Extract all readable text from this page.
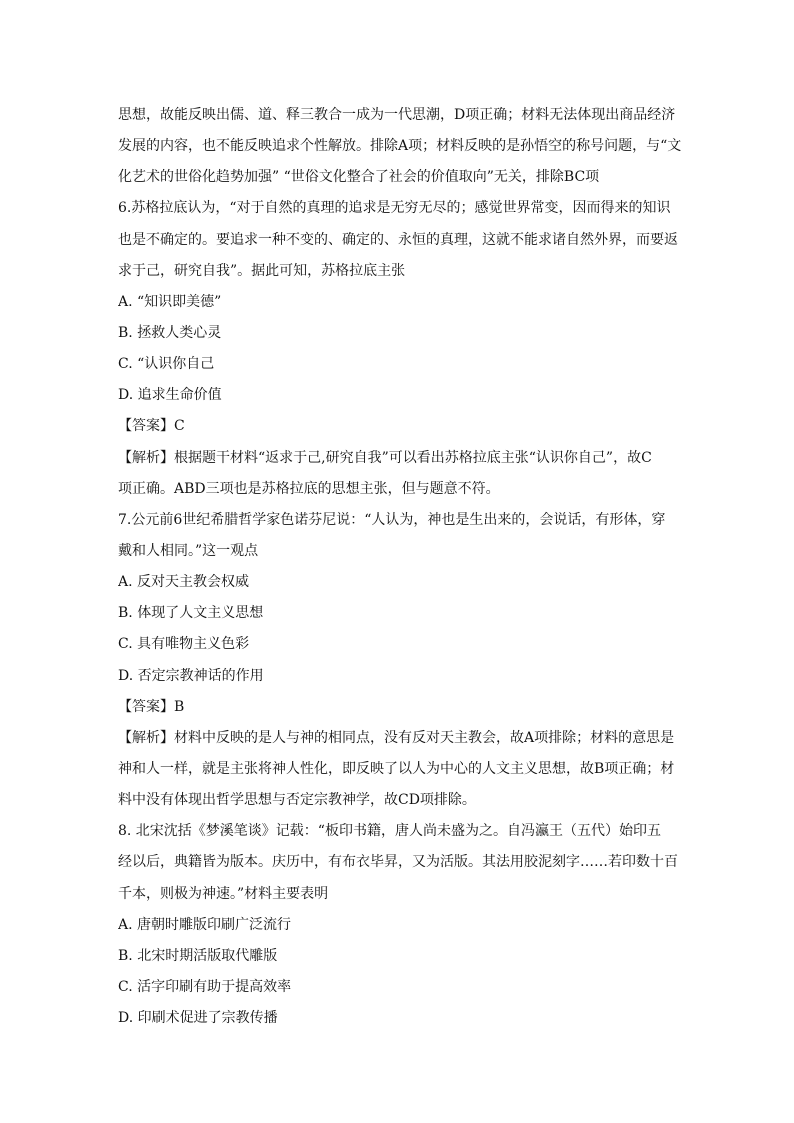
思想，故能反映出儒、道、释三教合一成为一代思潮，D项正确；材料无法体现出商品经济
发展的内容，也不能反映追求个性解放。排除A项；材料反映的是孙悟空的称号问题，与“文
化艺术的世俗化趋势加强” “世俗文化整合了社会的价值取向”无关，排除BC项
6.苏格拉底认为，“对于自然的真理的追求是无穷无尽的；感觉世界常变，因而得来的知识
也是不确定的。要追求一种不变的、确定的、永恒的真理，这就不能求诸自然外界，而要返
求于己，研究自我”。据此可知，苏格拉底主张
A. “知识即美德”
B. 拯救人类心灵
C. “认识你自己
D. 追求生命价值
【答案】C
【解析】根据题干材料“返求于己,研究自我”可以看出苏格拉底主张“认识你自己”，故C
项正确。ABD三项也是苏格拉底的思想主张，但与题意不符。
7.公元前6世纪希腊哲学家色诺芬尼说：“人认为，神也是生出来的，会说话，有形体，穿
戴和人相同。”这一观点
A. 反对天主教会权威
B. 体现了人文主义思想
C. 具有唯物主义色彩
D. 否定宗教神话的作用
【答案】B
【解析】材料中反映的是人与神的相同点，没有反对天主教会，故A项排除；材料的意思是
神和人一样，就是主张将神人性化，即反映了以人为中心的人文主义思想，故B项正确；材
料中没有体现出哲学思想与否定宗教神学，故CD项排除。
8. 北宋沈括《梦溪笔谈》记载：“板印书籍，唐人尚未盛为之。自冯瀛王（五代）始印五
经以后，典籍皆为版本。庆历中，有布衣毕昇，又为活版。其法用胶泥刻字……若印数十百
千本，则极为神速。”材料主要表明
A. 唐朝时雕版印刷广泛流行
B. 北宋时期活版取代雕版
C. 活字印刷有助于提高效率
D. 印刷术促进了宗教传播
